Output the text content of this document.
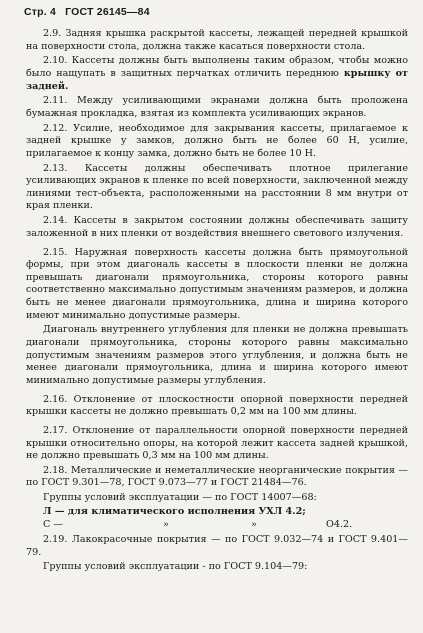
Стр. 4 ГОСТ 26145—84

2.9. Задняя крышка раскрытой кассеты, лежащей передней крышкой на поверхности стола, должна также касаться поверхности стола.

2.10. Кассеты должны быть выполнены таким образом, чтобы можно было нащупать в защитных перчатках отличить переднюю крышку от задней.

2.11. Между усиливающими экранами должна быть проложена бумажная прокладка, взятая из комплекта усиливающих экранов.

2.12. Усилие, необходимое для закрывания кассеты, прилагаемое к задней крышке у замков, должно быть не более 60 Н, усилие, прилагаемое к концу замка, должно быть не более 10 Н.

2.13. Кассеты должны обеспечивать плотное прилегание усиливающих экранов к пленке по всей поверхности, заключенной между линиями тест-объекта, расположенными на расстоянии 8 мм внутри от края пленки.

2.14. Кассеты в закрытом состоянии должны обеспечивать защиту заложенной в них пленки от воздействия внешнего светового излучения.

2.15. Наружная поверхность кассеты должна быть прямоугольной формы, при этом диагональ кассеты в плоскости пленки не должна превышать диагонали прямоугольника, стороны которого равны соответственно максимально допустимым значениям размеров, и должна быть не менее диагонали прямоугольника, длина и ширина которого имеют минимально допустимые размеры.

Диагональ внутреннего углубления для пленки не должна превышать диагонали прямоугольника, стороны которого равны максимально допустимым значениям размеров этого углубления, и должна быть не менее диагонали прямоугольника, длина и ширина которого имеют минимально допустимые размеры углубления.

2.16. Отклонение от плоскостности опорной поверхности передней крышки кассеты не должно превышать 0,2 мм на 100 мм длины.

2.17. Отклонение от параллельности опорной поверхности передней крышки относительно опоры, на которой лежит кассета задней крышкой, не должно превышать 0,3 мм на 100 мм длины.

2.18. Металлические и неметаллические неорганические покрытия — по ГОСТ 9.301—78, ГОСТ 9.073—77 и ГОСТ 21484—76.

Группы условий эксплуатации — по ГОСТ 14007—68:

Л — для климатического исполнения УХЛ 4.2;

С —	»	»	О4.2.

2.19. Лакокрасочные покрытия — по ГОСТ 9.032—74 и ГОСТ 9.401—79.

Группы условий эксплуатации - по ГОСТ 9.104—79:
